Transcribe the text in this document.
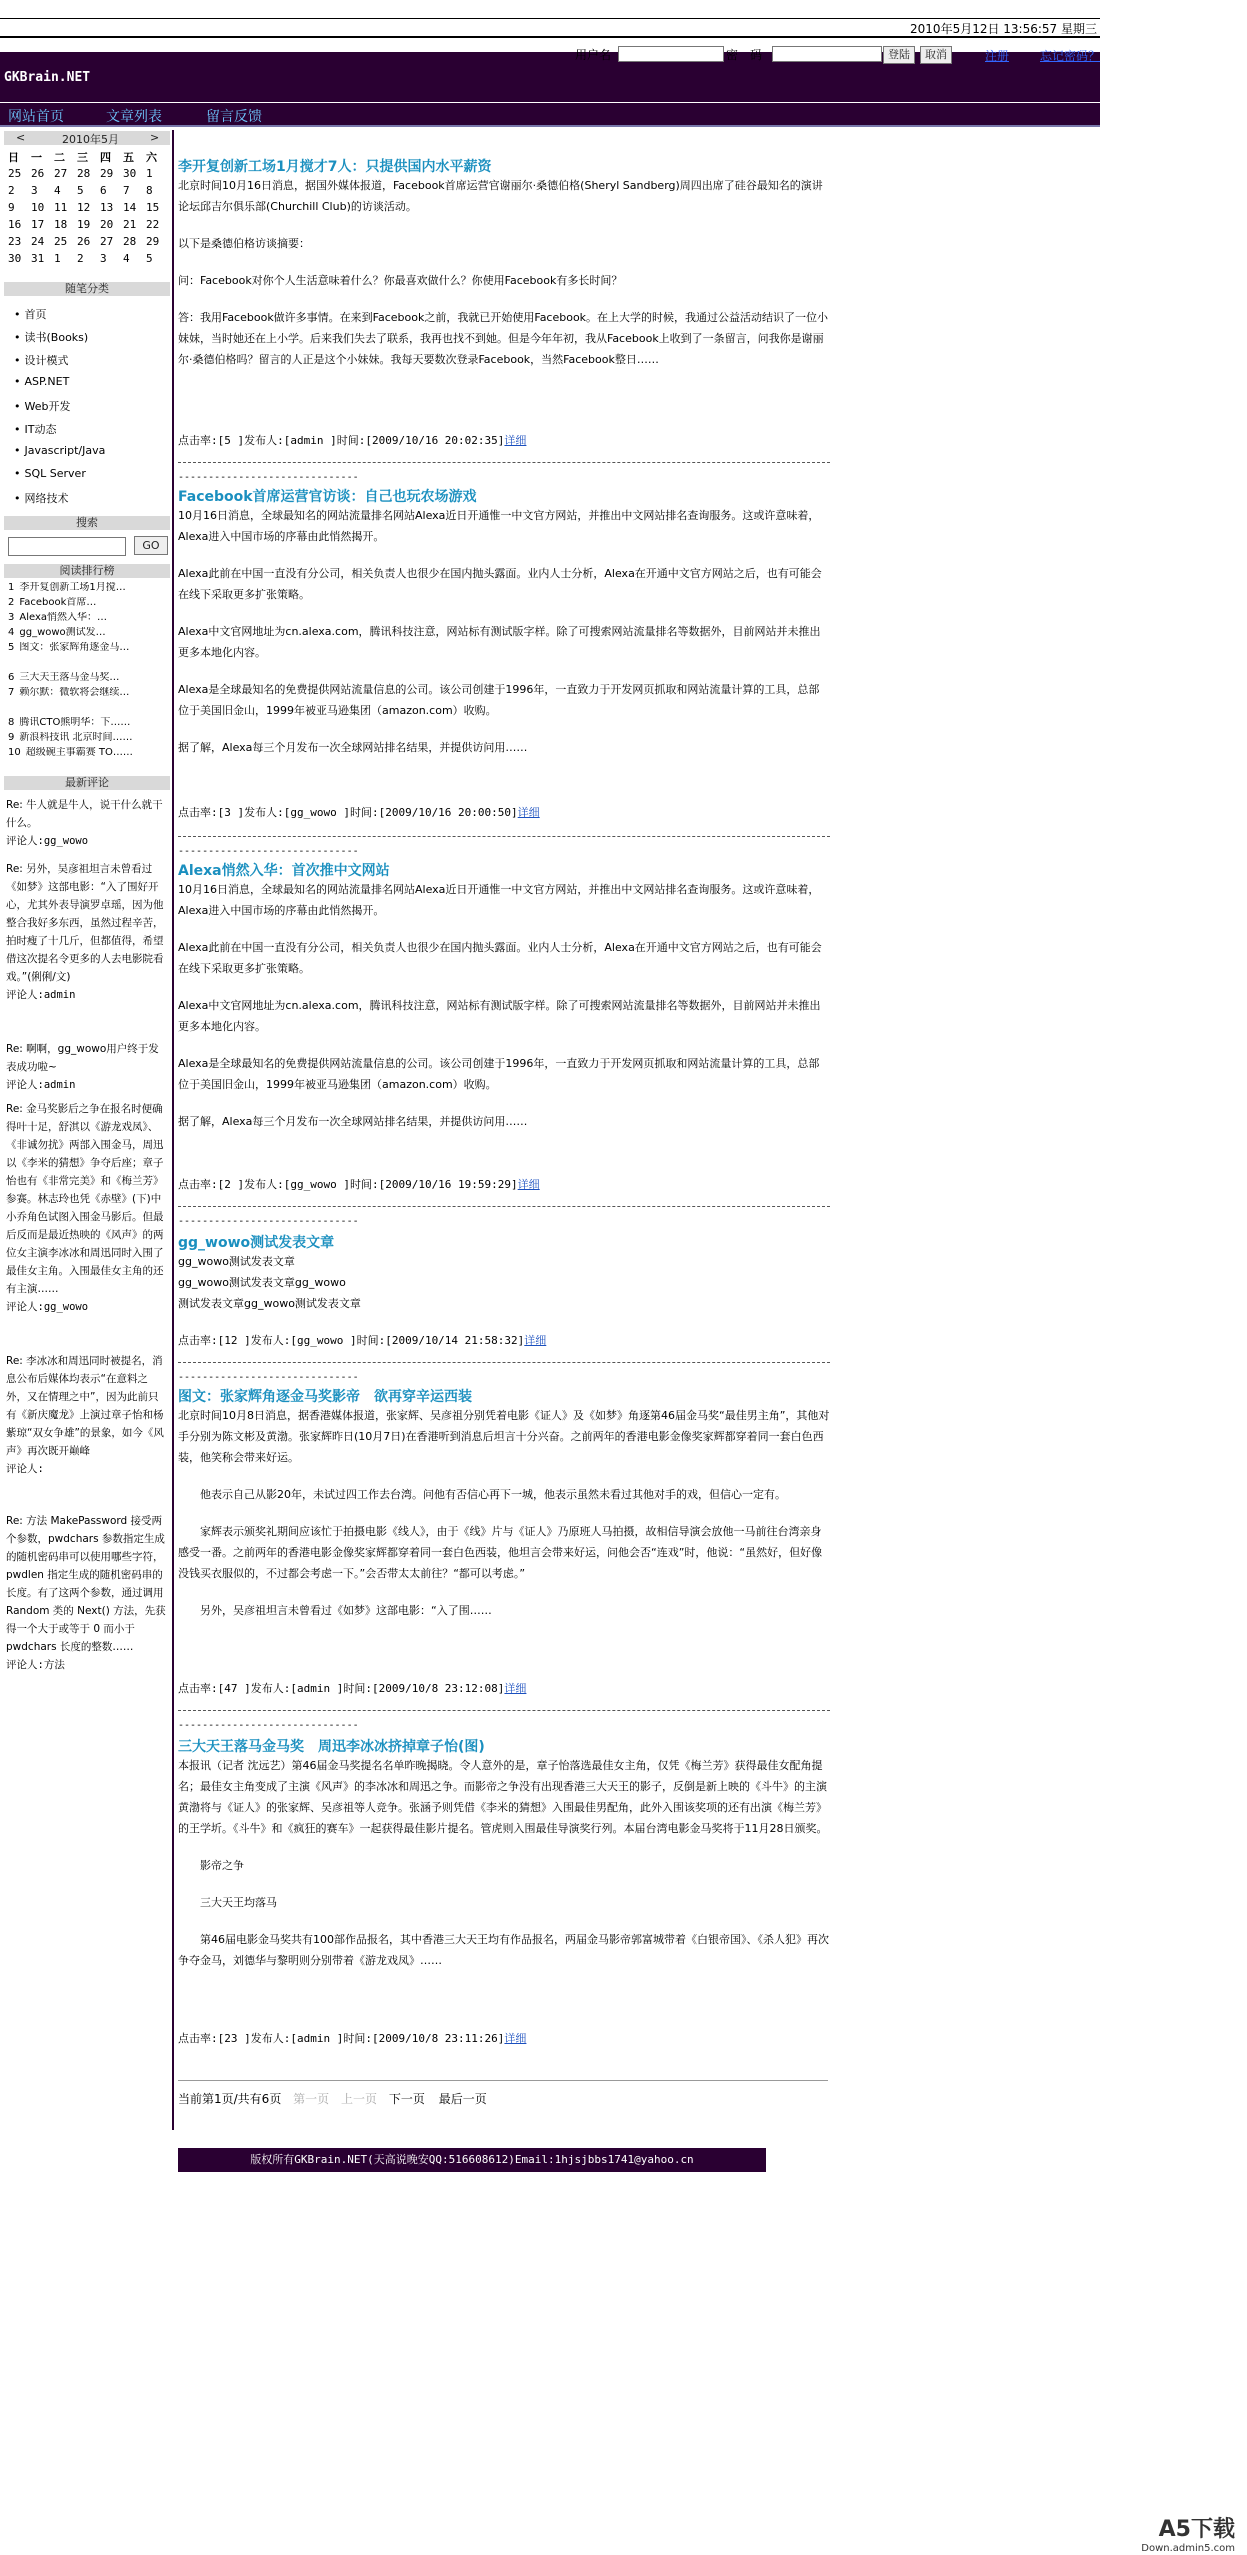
2010年5月12日 13:56:57 星期三
用户名	密　码	登陆	取消	注册	忘记密码？
GKBrain.NET
网站首页	文章列表	留言反馈
<	2010年5月	>
日	一	二	三	四	五	六
25	26	27	28	29	30	1
2	3	4	5	6	7	8
9	10	11	12	13	14	15
16	17	18	19	20	21	22
23	24	25	26	27	28	29
30	31	1	2	3	4	5
随笔分类
• 首页
• 读书(Books)
• 设计模式
• ASP.NET
• Web开发
• IT动态
• Javascript/Java
• SQL Server
• 网络技术
搜索
GO
阅读排行榜
1 李开复创新工场1月搅…
2 Facebook首席…
3 Alexa悄然入华：…
4 gg_wowo测试发…
5 图文：张家辉角逐金马…
6 三大天王落马金马奖…
7 赖尔默：微软将会继续…
8 腾讯CTO熊明华：下……
9 新浪科技讯 北京时间……
10 超级碗主事霸赛 TO……
最新评论
Re: 牛人就是牛人，说干什么就干什么。
评论人:gg_wowo
Re: 另外，吴彦祖坦言未曾看过《如梦》这部电影：“入了围好开心，尤其外表导演罗卓瑶，因为他整合我好多东西，虽然过程辛苦，拍时瘦了十几斤，但都值得，希望借这次提名令更多的人去电影院看戏。”(俐俐/文)
评论人:admin
Re: 啊啊，gg_wowo用户终于发表成功啦~
评论人:admin
Re: 金马奖影后之争在报名时便确得叶十足，舒淇以《游龙戏凤》、《非诚勿扰》两部入围金马，周迅以《李米的猜想》争夺后座；章子怡也有《非常完美》和《梅兰芳》参赛。林志玲也凭《赤壁》(下)中小乔角色试图入围金马影后。但最后反而是最近热映的《风声》的两位女主演李冰冰和周迅同时入围了最佳女主角。入围最佳女主角的还有主演……
评论人:gg_wowo
Re: 李冰冰和周迅同时被提名，消息公布后媒体均表示“在意料之外，又在情理之中”，因为此前只有《新庆魔龙》上演过章子怡和杨紫琼“双女争雄”的景象，如今《风声》再次既开巅峰
评论人:
Re: 方法 MakePassword 接受两个参数，pwdchars 参数指定生成的随机密码串可以使用哪些字符，pwdlen 指定生成的随机密码串的长度。有了这两个参数，通过调用 Random 类的 Next() 方法，先获得一个大于或等于 0 而小于 pwdchars 长度的整数……
评论人:方法
李开复创新工场1月搅才7人：只提供国内水平薪资

北京时间10月16日消息，据国外媒体报道，Facebook首席运营官谢丽尔·桑德伯格(Sheryl Sandberg)周四出席了硅谷最知名的演讲论坛邱吉尔俱乐部(Churchill Club)的访谈活动。

以下是桑德伯格访谈摘要：

问：Facebook对你个人生活意味着什么？你最喜欢做什么？你使用Facebook有多长时间？

答：我用Facebook做许多事情。在来到Facebook之前，我就已开始使用Facebook。在上大学的时候，我通过公益活动结识了一位小妹妹，当时她还在上小学。后来我们失去了联系，我再也找不到她。但是今年年初，我从Facebook上收到了一条留言，问我你是谢丽尔·桑德伯格吗？留言的人正是这个小妹妹。我每天要数次登录Facebook，当然Facebook整日……

点击率:[5 ]发布人:[admin ]时间:[2009/10/16 20:02:35]详细
------------------------------
Facebook首席运营官访谈：自己也玩农场游戏

10月16日消息，全球最知名的网站流量排名网站Alexa近日开通惟一中文官方网站，并推出中文网站排名查询服务。这或许意味着，Alexa进入中国市场的序幕由此悄然揭开。

Alexa此前在中国一直没有分公司，相关负责人也很少在国内抛头露面。业内人士分析，Alexa在开通中文官方网站之后，也有可能会在线下采取更多扩张策略。

Alexa中文官网地址为cn.alexa.com，腾讯科技注意，网站标有测试版字样。除了可搜索网站流量排名等数据外，目前网站并未推出更多本地化内容。

Alexa是全球最知名的免费提供网站流量信息的公司。该公司创建于1996年，一直致力于开发网页抓取和网站流量计算的工具，总部位于美国旧金山，1999年被亚马逊集团（amazon.com）收购。

据了解，Alexa每三个月发布一次全球网站排名结果，并提供访问用……

点击率:[3 ]发布人:[gg_wowo ]时间:[2009/10/16 20:00:50]详细
------------------------------
Alexa悄然入华：首次推中文网站

10月16日消息，全球最知名的网站流量排名网站Alexa近日开通惟一中文官方网站，并推出中文网站排名查询服务。这或许意味着，Alexa进入中国市场的序幕由此悄然揭开。

Alexa此前在中国一直没有分公司，相关负责人也很少在国内抛头露面。业内人士分析，Alexa在开通中文官方网站之后，也有可能会在线下采取更多扩张策略。

Alexa中文官网地址为cn.alexa.com，腾讯科技注意，网站标有测试版字样。除了可搜索网站流量排名等数据外，目前网站并未推出更多本地化内容。

Alexa是全球最知名的免费提供网站流量信息的公司。该公司创建于1996年，一直致力于开发网页抓取和网站流量计算的工具，总部位于美国旧金山，1999年被亚马逊集团（amazon.com）收购。

据了解，Alexa每三个月发布一次全球网站排名结果，并提供访问用……

点击率:[2 ]发布人:[gg_wowo ]时间:[2009/10/16 19:59:29]详细
------------------------------
gg_wowo测试发表文章

gg_wowo测试发表文章

gg_wowo测试发表文章gg_wowo

测试发表文章gg_wowo测试发表文章

点击率:[12 ]发布人:[gg_wowo ]时间:[2009/10/14 21:58:32]详细
------------------------------
图文：张家辉角逐金马奖影帝　欲再穿辛运西装

北京时间10月8日消息，据香港媒体报道，张家辉、吴彦祖分别凭着电影《证人》及《如梦》角逐第46届金马奖“最佳男主角”，其他对手分别为陈文彬及黄渤。张家辉昨日(10月7日)在香港听到消息后坦言十分兴奋。之前两年的香港电影金像奖家辉都穿着同一套白色西装，他笑称会带来好运。

他表示自己从影20年，未试过四工作去台湾。问他有否信心再下一城，他表示虽然未看过其他对手的戏，但信心一定有。

家辉表示颁奖礼期间应该忙于拍摄电影《线人》，由于《线》片与《证人》乃原班人马拍摄，故相信导演会放他一马前往台湾亲身感受一番。之前两年的香港电影金像奖家辉都穿着同一套白色西装，他坦言会带来好运，问他会否“连戏”时，他说：“虽然好，但好像没钱买衣服似的，不过都会考虑一下。”会否带太太前往？“都可以考虑。”

另外，吴彦祖坦言未曾看过《如梦》这部电影：“入了围……

点击率:[47 ]发布人:[admin ]时间:[2009/10/8 23:12:08]详细
------------------------------
三大天王落马金马奖　周迅李冰冰挤掉章子怡(图)

本报讯（记者 沈远艺）第46届金马奖提名名单昨晚揭晓。令人意外的是，章子怡落选最佳女主角，仅凭《梅兰芳》获得最佳女配角提名；最佳女主角变成了主演《风声》的李冰冰和周迅之争。而影帝之争没有出现香港三大天王的影子，反倒是新上映的《斗牛》的主演黄渤将与《证人》的张家辉、吴彦祖等人竞争。张涵予则凭借《李米的猜想》入围最佳男配角，此外入围该奖项的还有出演《梅兰芳》的王学圻。《斗牛》和《疯狂的赛车》一起获得最佳影片提名。管虎则入围最佳导演奖行列。本届台湾电影金马奖将于11月28日颁奖。

影帝之争

三大天王均落马

第46届电影金马奖共有100部作品报名，其中香港三大天王均有作品报名，两届金马影帝郭富城带着《白银帝国》、《杀人犯》再次争夺金马，刘德华与黎明则分别带着《游龙戏凤》……

点击率:[23 ]发布人:[admin ]时间:[2009/10/8 23:11:26]详细
当前第1页/共有6页 第一页 上一页 下一页 最后一页
版权所有GKBrain.NET(天高说晚安QQ:516608612)Email:1hjsjbbs1741@yahoo.cn
A5下载
Down.admin5.com
